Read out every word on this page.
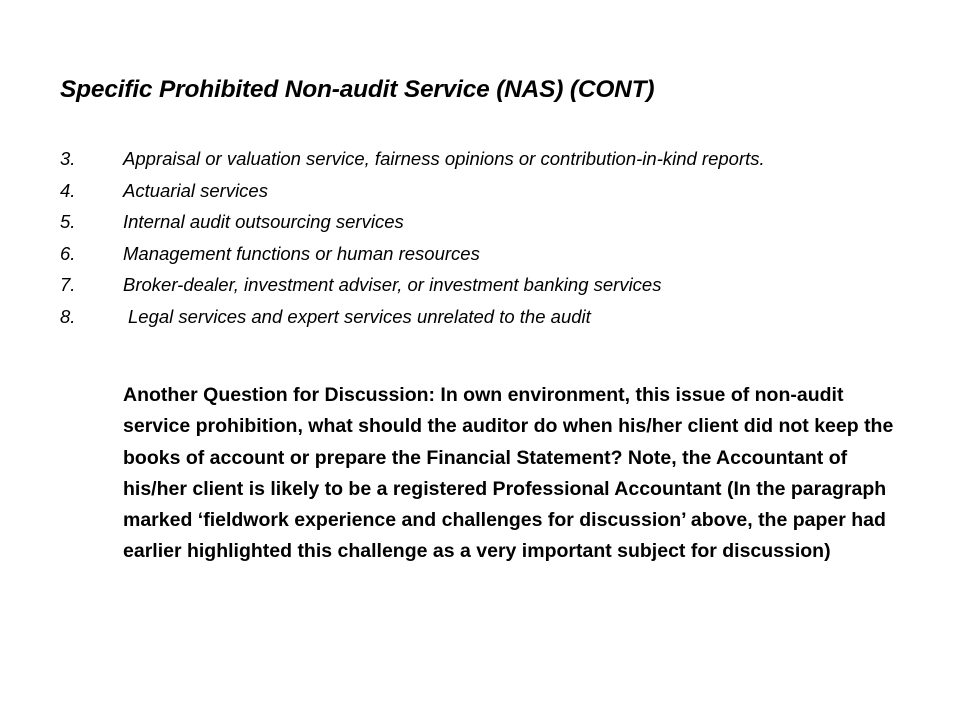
Specific Prohibited Non-audit Service (NAS) (CONT)
3.	Appraisal or valuation service, fairness opinions or contribution-in-kind reports.
4.	Actuarial services
5.	Internal audit outsourcing services
6.	Management functions or human resources
7.	Broker-dealer, investment adviser, or investment banking services
8.	Legal services and expert services unrelated to the audit

Another Question for Discussion: In own environment, this issue of non-audit service prohibition, what should the auditor do when his/her client did not keep the books of account or prepare the Financial Statement? Note, the Accountant of his/her client is likely to be a registered Professional Accountant (In the paragraph marked ‘fieldwork experience and challenges for discussion’ above, the paper had earlier highlighted this challenge as a very important subject for discussion)
